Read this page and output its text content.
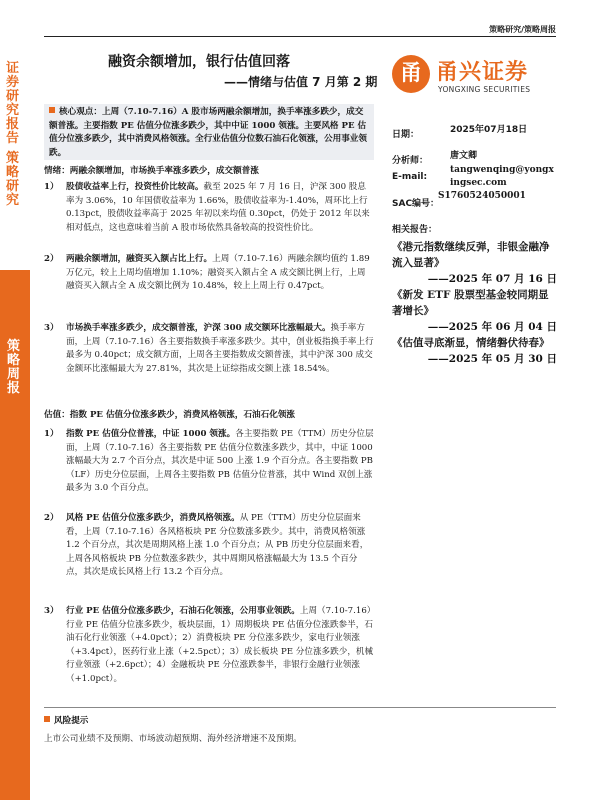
证券研究报告
策略研究
策略周报
策略研究/策略周报
融资余额增加，银行估值回落
——情绪与估值 7 月第 2 期 甬 甬兴证券
YONGXING SECURITIES
核心观点：上周（7.10-7.16）A 股市场两融余额增加，换手率涨多跌少，成交额普涨。主要指数 PE 估值分位涨多跌少，其中中证 1000 领涨。主要风格 PE 估值分位涨多跌少，其中消费风格领涨。全行业估值分位数石油石化领涨，公用事业领跌。
情绪：两融余额增加，市场换手率涨多跌少，成交额普涨
1） 股债收益率上行，投资性价比较高。截至 2025 年 7 月 16 日，沪深 300 股息率为 3.06%，10 年国债收益率为 1.66%，股债收益率为-1.40%，周环比上行 0.13pct，股债收益率高于 2025 年初以来均值 0.30pct，仍处于 2012 年以来相对低点，这也意味着当前 A 股市场依然具备较高的投资性价比。
2） 两融余额增加，融资买入额占比上行。上周（7.10-7.16）两融余额均值约 1.89 万亿元，较上上周均值增加 1.10%；融资买入额占全 A 成交额比例上行，上周融资买入额占全 A 成交额比例为 10.48%，较上上周上行 0.47pct。
3） 市场换手率涨多跌少，成交额普涨，沪深 300 成交额环比涨幅最大。换手率方面，上周（7.10-7.16）各主要指数换手率涨多跌少。其中，创业板指换手率上行最多为 0.40pct；成交额方面，上周各主要指数成交额普涨，其中沪深 300 成交金额环比涨幅最大为 27.81%，其次是上证综指成交额上涨 18.54%。
估值：指数 PE 估值分位涨多跌少，消费风格领涨，石油石化领涨
1） 指数 PE 估值分位普涨，中证 1000 领涨。各主要指数 PE（TTM）历史分位层面，上周（7.10-7.16）各主要指数 PE 估值分位数涨多跌少，其中，中证 1000 涨幅最大为 2.7 个百分点，其次是中证 500 上涨 1.9 个百分点。各主要指数 PB（LF）历史分位层面，上周各主要指数 PB 估值分位普涨，其中 Wind 双创上涨最多为 3.0 个百分点。
2） 风格 PE 估值分位涨多跌少，消费风格领涨。从 PE（TTM）历史分位层面来看，上周（7.10-7.16）各风格板块 PE 分位数涨多跌少。其中，消费风格领涨 1.2 个百分点，其次是周期风格上涨 1.0 个百分点；从 PB 历史分位层面来看，上周各风格板块 PB 分位数涨多跌少，其中周期风格涨幅最大为 13.5 个百分点，其次是成长风格上行 13.2 个百分点。
3） 行业 PE 估值分位涨多跌少，石油石化领涨，公用事业领跌。上周（7.10-7.16）行业 PE 估值分位涨多跌少，板块层面，1）周期板块 PE 估值分位涨跌参半，石油石化行业领涨（+4.0pct）；2）消费板块 PE 分位涨多跌少，家电行业领涨（+3.4pct），医药行业上涨（+2.5pct）；3）成长板块 PE 分位涨多跌少，机械行业领涨（+2.6pct）；4）金融板块 PE 分位涨跌参半，非银行金融行业领涨（+1.0pct）。
日期：	2025年07月18日
分析师： 唐文卿
E-mail:
tangwenqing@yongxingsec.com
SAC编号：
S1760524050001
相关报告：
《港元指数继续反弹，非银金融净流入显著》
——2025 年 07 月 16 日
《新发 ETF 股票型基金较同期显著增长》
——2025 年 06 月 04 日
《估值寻底渐显，情绪磐伏待春》
——2025 年 05 月 30 日
风险提示
上市公司业绩不及预期、市场波动超预期、海外经济增速不及预期。
